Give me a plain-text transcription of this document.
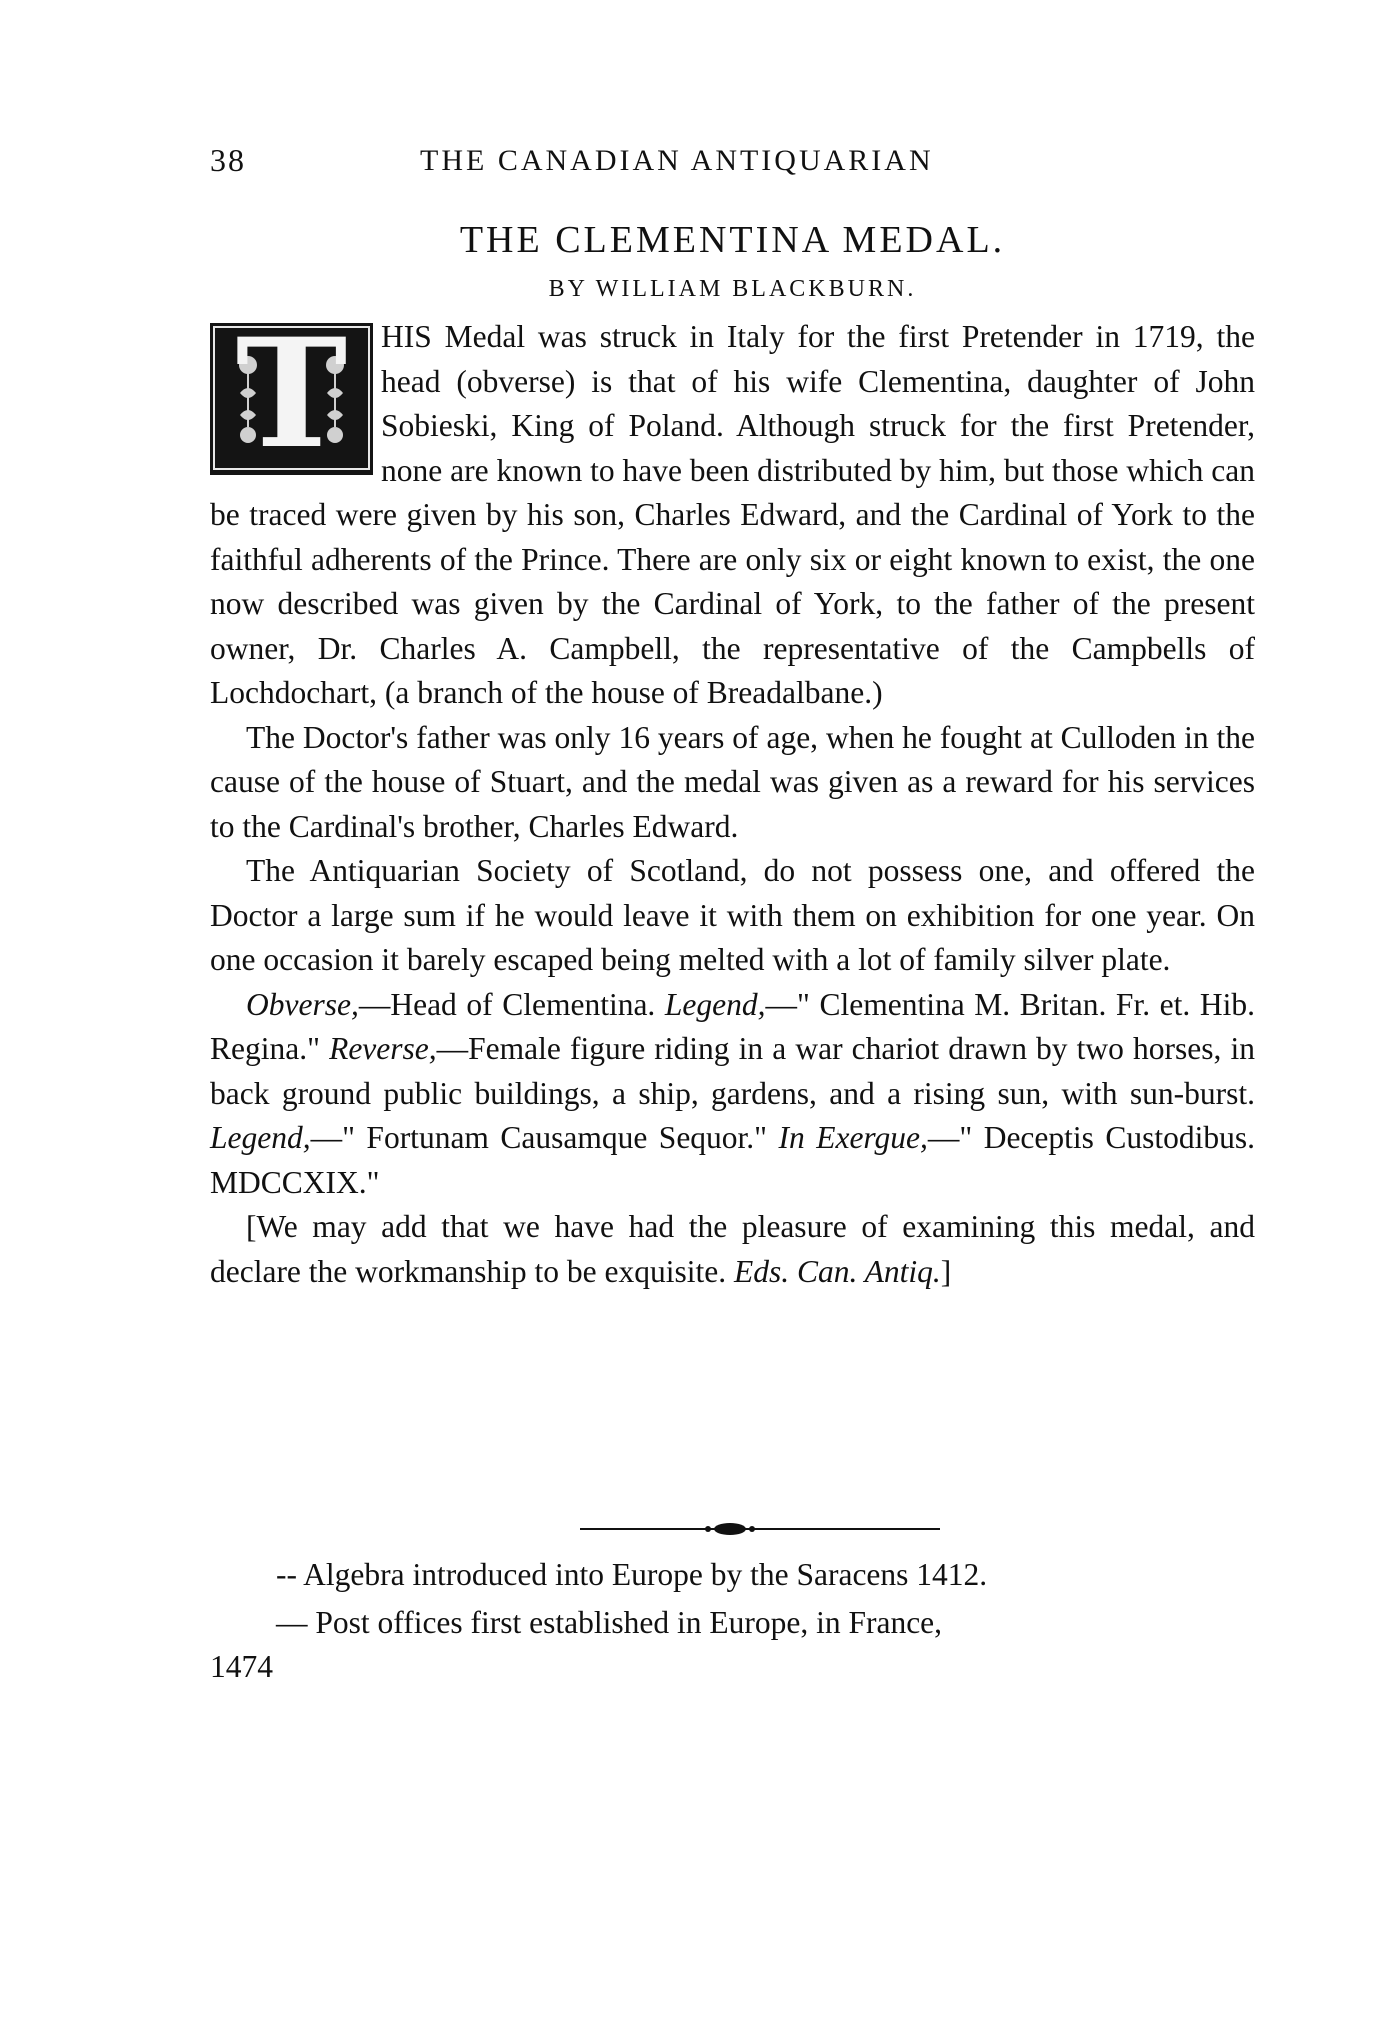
38	THE CANADIAN ANTIQUARIAN
THE CLEMENTINA MEDAL.
BY WILLIAM BLACKBURN.
T	HIS Medal was struck in Italy for the first Pretender in 1719, the head (obverse) is that of his wife Clementina, daughter of John Sobieski, King of Poland. Although struck for the first Pretender, none are known to have been distributed by him, but those which can be traced were given by his son, Charles Edward, and the Cardinal of York to the faithful adherents of the Prince. There are only six or eight known to exist, the one now described was given by the Cardinal of York, to the father of the present owner, Dr. Charles A. Campbell, the representative of the Campbells of Lochdochart, (a branch of the house of Breadalbane.)

The Doctor's father was only 16 years of age, when he fought at Culloden in the cause of the house of Stuart, and the medal was given as a reward for his services to the Cardinal's brother, Charles Edward.

The Antiquarian Society of Scotland, do not possess one, and offered the Doctor a large sum if he would leave it with them on exhibition for one year. On one occasion it barely escaped being melted with a lot of family silver plate.

Obverse,—Head of Clementina. Legend,—" Clementina M. Britan. Fr. et. Hib. Regina." Reverse,—Female figure riding in a war chariot drawn by two horses, in back ground public buildings, a ship, gardens, and a rising sun, with sun-burst. Legend,—" Fortunam Causamque Sequor." In Exergue,—" Deceptis Custodibus. MDCCXIX."

[We may add that we have had the pleasure of examining this medal, and declare the workmanship to be exquisite. Eds. Can. Antiq.]

-- Algebra introduced into Europe by the Saracens 1412.

— Post offices first established in Europe, in France,
1474
